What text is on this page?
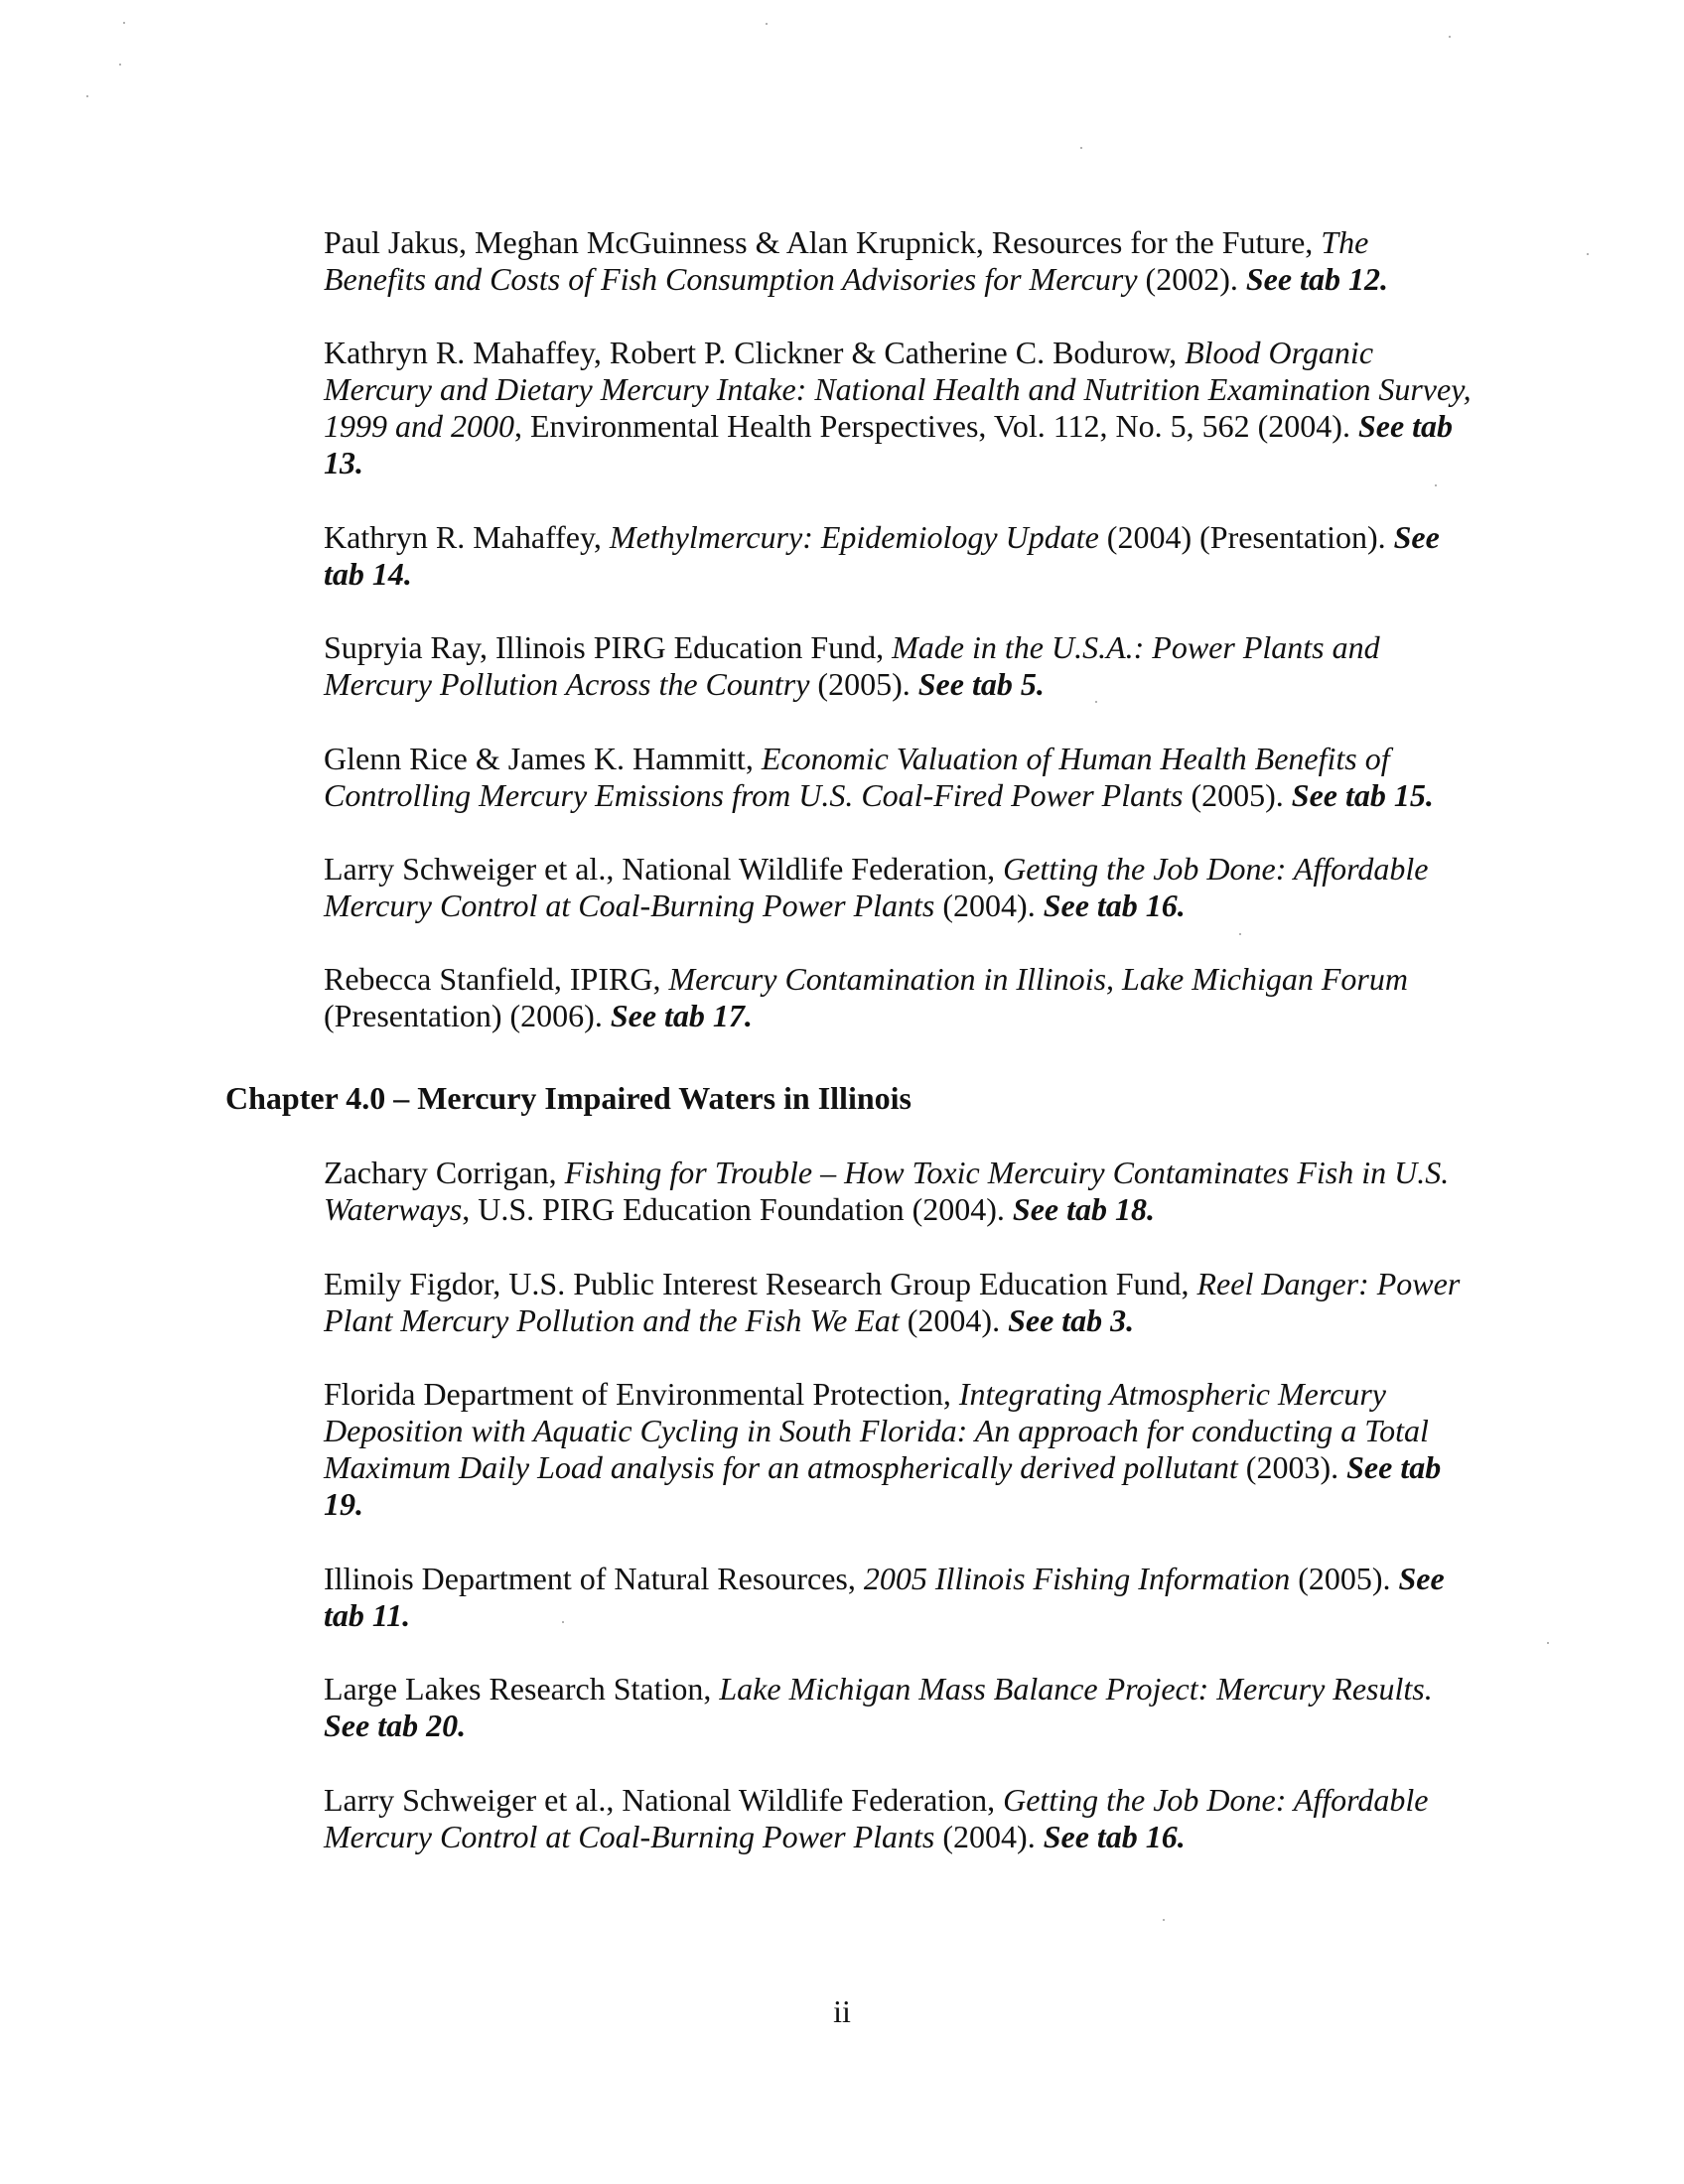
Paul Jakus, Meghan McGuinness & Alan Krupnick, Resources for the Future, The Benefits and Costs of Fish Consumption Advisories for Mercury (2002). See tab 12.

Kathryn R. Mahaffey, Robert P. Clickner & Catherine C. Bodurow, Blood Organic Mercury and Dietary Mercury Intake: National Health and Nutrition Examination Survey, 1999 and 2000, Environmental Health Perspectives, Vol. 112, No. 5, 562 (2004). See tab 13.

Kathryn R. Mahaffey, Methylmercury: Epidemiology Update (2004) (Presentation). See tab 14.

Supryia Ray, Illinois PIRG Education Fund, Made in the U.S.A.: Power Plants and Mercury Pollution Across the Country (2005). See tab 5.

Glenn Rice & James K. Hammitt, Economic Valuation of Human Health Benefits of Controlling Mercury Emissions from U.S. Coal-Fired Power Plants (2005). See tab 15.

Larry Schweiger et al., National Wildlife Federation, Getting the Job Done: Affordable Mercury Control at Coal-Burning Power Plants (2004). See tab 16.

Rebecca Stanfield, IPIRG, Mercury Contamination in Illinois, Lake Michigan Forum (Presentation) (2006). See tab 17.

Chapter 4.0 – Mercury Impaired Waters in Illinois

Zachary Corrigan, Fishing for Trouble – How Toxic Mercuiry Contaminates Fish in U.S. Waterways, U.S. PIRG Education Foundation (2004). See tab 18.

Emily Figdor, U.S. Public Interest Research Group Education Fund, Reel Danger: Power Plant Mercury Pollution and the Fish We Eat (2004). See tab 3.

Florida Department of Environmental Protection, Integrating Atmospheric Mercury Deposition with Aquatic Cycling in South Florida: An approach for conducting a Total Maximum Daily Load analysis for an atmospherically derived pollutant (2003). See tab 19.

Illinois Department of Natural Resources, 2005 Illinois Fishing Information (2005). See tab 11.

Large Lakes Research Station, Lake Michigan Mass Balance Project: Mercury Results. See tab 20.

Larry Schweiger et al., National Wildlife Federation, Getting the Job Done: Affordable Mercury Control at Coal-Burning Power Plants (2004). See tab 16.

ii
